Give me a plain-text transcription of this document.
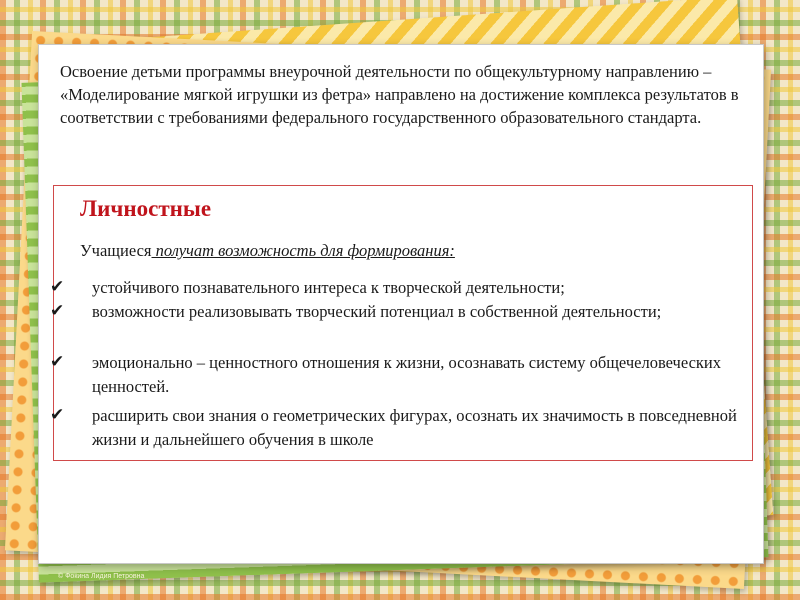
Освоение детьми программы внеурочной деятельности по общекультурному направлению – «Моделирование мягкой игрушки из фетра» направлено на достижение комплекса результатов в соответствии с требованиями федерального государственного образовательного стандарта.
Личностные
Учащиеся получат возможность для формирования:
✔ устойчивого познавательного интереса к творческой деятельности;
✔ возможности реализовывать творческий потенциал в собственной деятельности;
✔ эмоционально – ценностного отношения к жизни, осознавать систему общечеловеческих ценностей.
✔ расширить свои знания о геометрических фигурах, осознать их значимость в повседневной жизни и дальнейшего обучения в школе
© Фокина Лидия Петровна
